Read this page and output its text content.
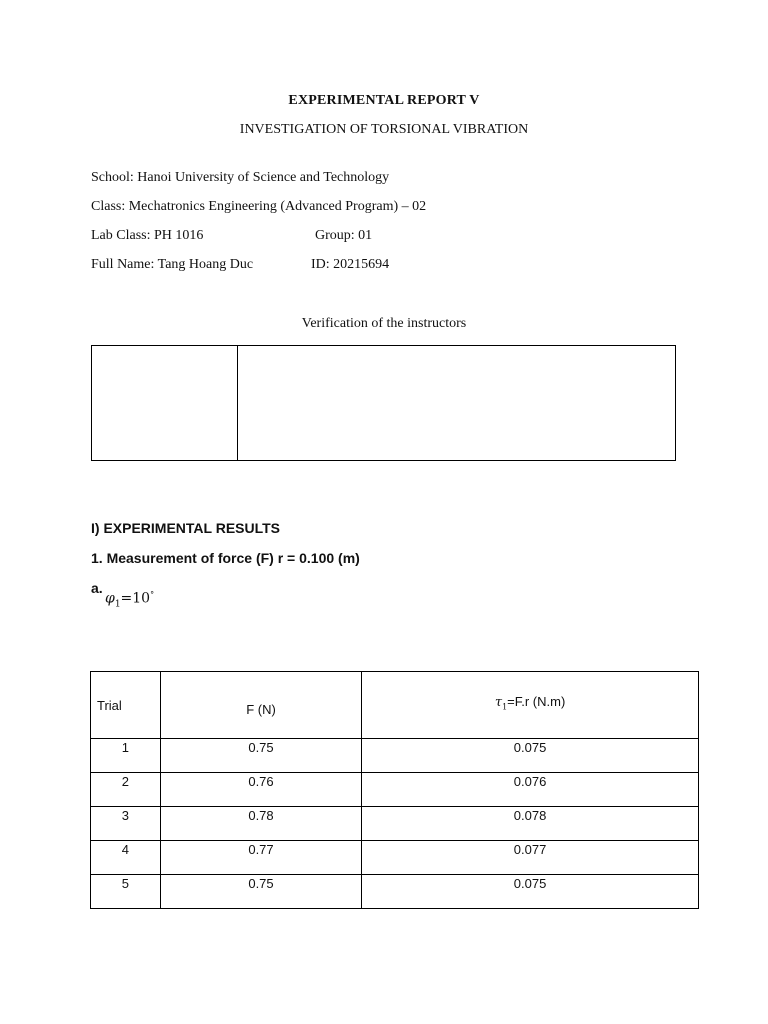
EXPERIMENTAL REPORT V
INVESTIGATION OF TORSIONAL VIBRATION
School: Hanoi University of Science and Technology
Class: Mechatronics Engineering (Advanced Program) – 02
Lab Class: PH 1016	Group: 01
Full Name: Tang Hoang Duc	ID: 20215694
Verification of the instructors
I) EXPERIMENTAL RESULTS
1. Measurement of force (F) r = 0.100 (m)
a.
$\varphi_1=10^\circ$
Trial	F (N)	$\tau_1=F.r$ (N.m)

1	0.75	0.075
2	0.76	0.076
3	0.78	0.078
4	0.77	0.077
5	0.75	0.075
